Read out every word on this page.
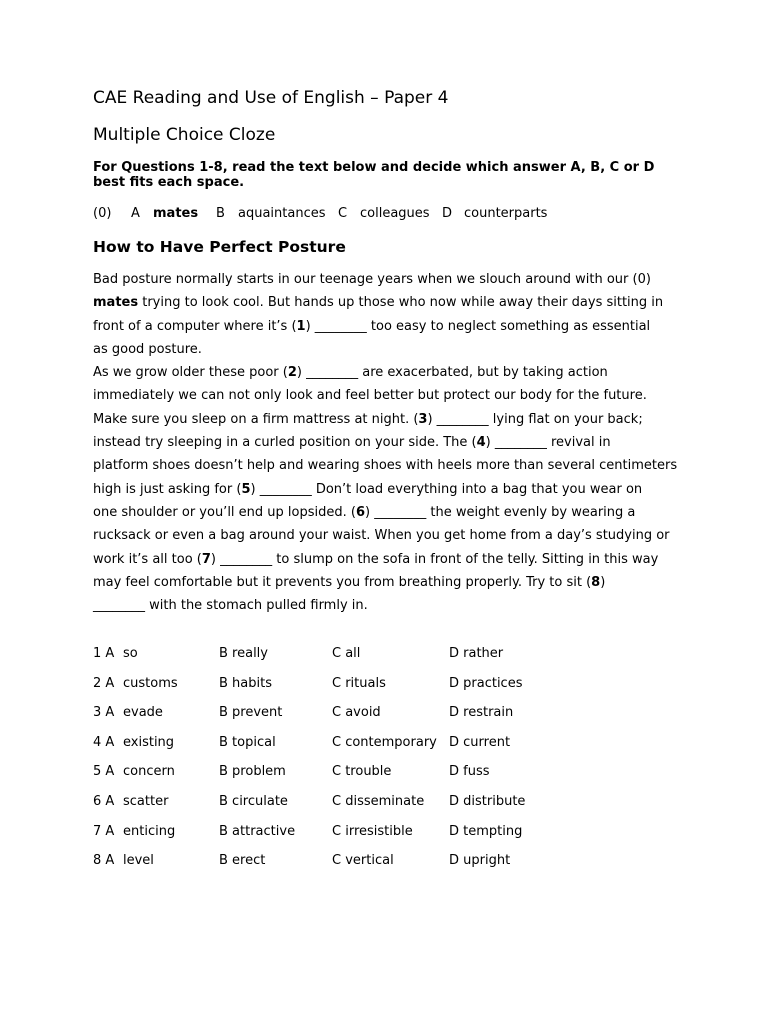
CAE Reading and Use of English – Paper 4
Multiple Choice Cloze
For Questions 1-8, read the text below and decide which answer A, B, C or D best fits each space.
(0) A mates B aquaintances C colleagues D counterparts
How to Have Perfect Posture
Bad posture normally starts in our teenage years when we slouch around with our (0)
mates trying to look cool. But hands up those who now while away their days sitting in
front of a computer where it’s (1) ________ too easy to neglect something as essential
as good posture.
As we grow older these poor (2) ________ are exacerbated, but by taking action
immediately we can not only look and feel better but protect our body for the future.
Make sure you sleep on a firm mattress at night. (3) ________ lying flat on your back;
instead try sleeping in a curled position on your side. The (4) ________ revival in
platform shoes doesn’t help and wearing shoes with heels more than several centimeters
high is just asking for (5) ________ Don’t load everything into a bag that you wear on
one shoulder or you’ll end up lopsided. (6) ________ the weight evenly by wearing a
rucksack or even a bag around your waist. When you get home from a day’s studying or
work it’s all too (7) ________ to slump on the sofa in front of the telly. Sitting in this way
may feel comfortable but it prevents you from breathing properly. Try to sit (8)
________ with the stomach pulled firmly in.
1 A so	B really	C all	D rather
2 A customs	B habits	C rituals	D practices
3 A evade	B prevent	C avoid	D restrain
4 A existing	B topical	C contemporary D current
5 A concern	B problem	C trouble	D fuss
6 A scatter	B circulate	C disseminate D distribute
7 A enticing	B attractive	C irresistible	D tempting
8 A level	B erect	C vertical	D upright
